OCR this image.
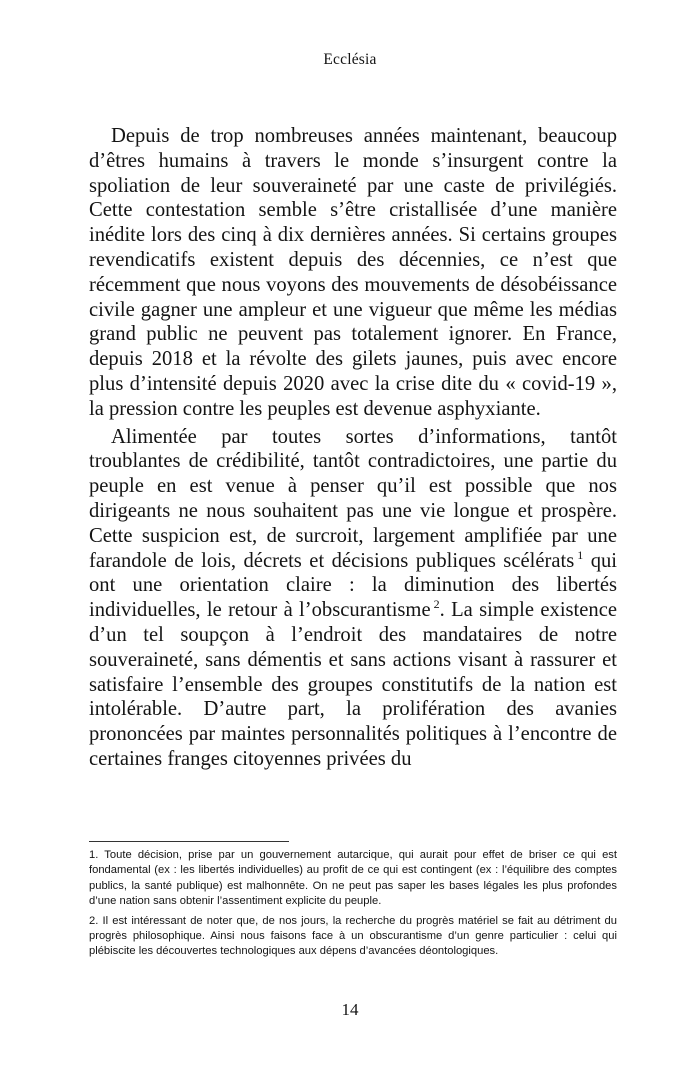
Ecclésia

Depuis de trop nombreuses années maintenant, beaucoup d’êtres humains à travers le monde s’insurgent contre la spoliation de leur souveraineté par une caste de privilégiés. Cette contestation semble s’être cristallisée d’une manière inédite lors des cinq à dix dernières années. Si certains groupes revendicatifs existent depuis des décennies, ce n’est que récemment que nous voyons des mouvements de désobéissance civile gagner une ampleur et une vigueur que même les médias grand public ne peuvent pas totalement ignorer. En France, depuis 2018 et la révolte des gilets jaunes, puis avec encore plus d’intensité depuis 2020 avec la crise dite du « covid-19 », la pression contre les peuples est devenue asphyxiante.

Alimentée par toutes sortes d’informations, tantôt troublantes de crédibilité, tantôt contradictoires, une partie du peuple en est venue à penser qu’il est possible que nos dirigeants ne nous souhaitent pas une vie longue et prospère. Cette suspicion est, de surcroit, largement amplifiée par une farandole de lois, décrets et décisions publiques scélérats $^1$ qui ont une orientation claire : la diminution des libertés individuelles, le retour à l’obscurantisme $^2$. La simple existence d’un tel soupçon à l’endroit des mandataires de notre souveraineté, sans démentis et sans actions visant à rassurer et satisfaire l’ensemble des groupes constitutifs de la nation est intolérable. D’autre part, la prolifération des avanies prononcées par maintes personnalités politiques à l’encontre de certaines franges citoyennes privées du

1. Toute décision, prise par un gouvernement autarcique, qui aurait pour effet de briser ce qui est fondamental (ex : les libertés individuelles) au profit de ce qui est contingent (ex : l’équilibre des comptes publics, la santé publique) est malhonnête. On ne peut pas saper les bases légales les plus profondes d’une nation sans obtenir l’assentiment explicite du peuple.

2. Il est intéressant de noter que, de nos jours, la recherche du progrès matériel se fait au détriment du progrès philosophique. Ainsi nous faisons face à un obscurantisme d’un genre particulier : celui qui plébiscite les découvertes technologiques aux dépens d’avancées déontologiques.

14
